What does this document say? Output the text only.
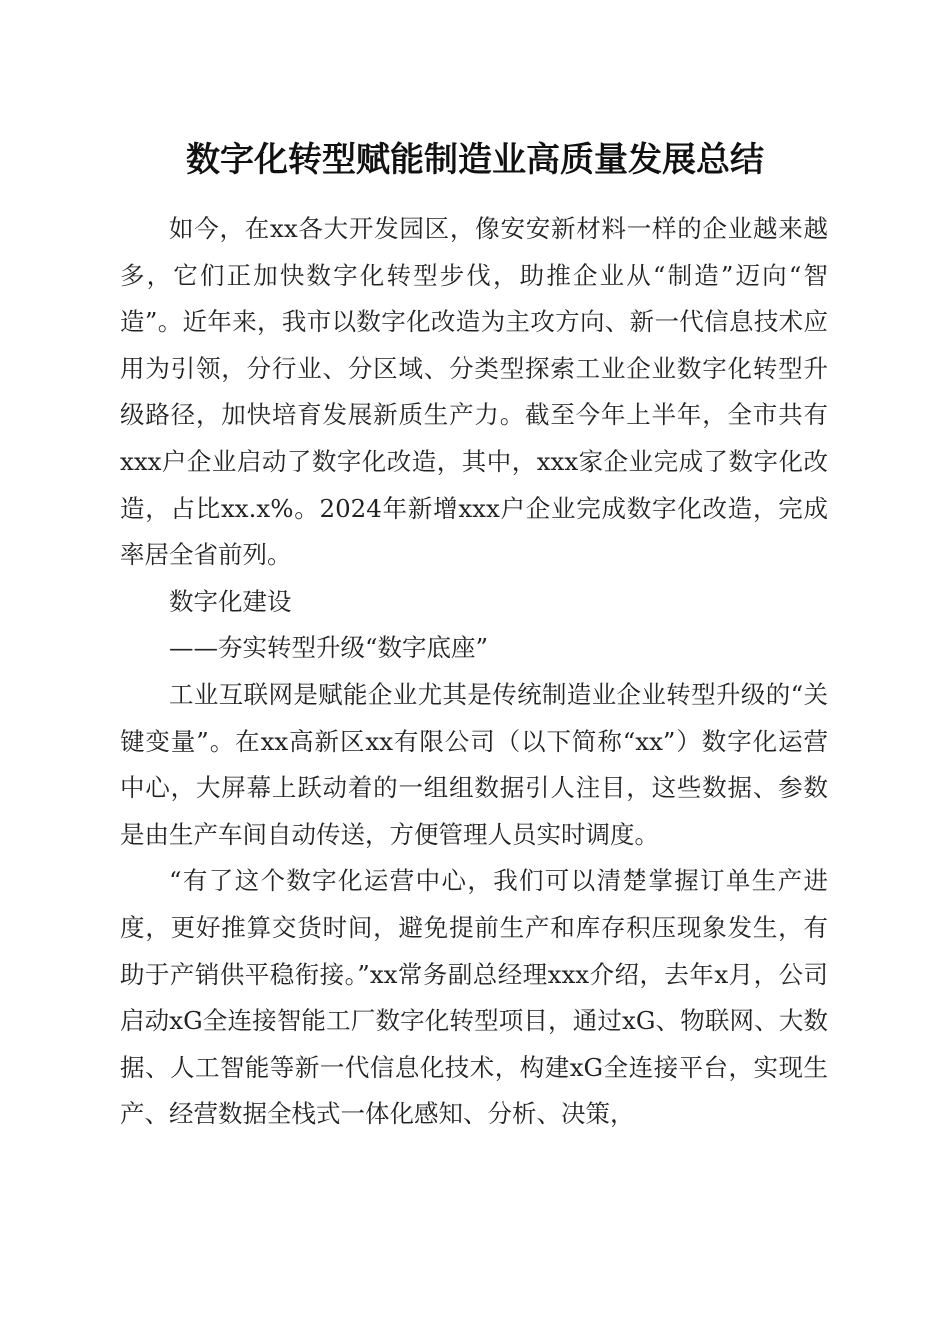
数字化转型赋能制造业高质量发展总结

如今，在xx各大开发园区，像安安新材料一样的企业越来越多，它们正加快数字化转型步伐，助推企业从“制造”迈向“智造”。近年来，我市以数字化改造为主攻方向、新一代信息技术应用为引领，分行业、分区域、分类型探索工业企业数字化转型升级路径，加快培育发展新质生产力。截至今年上半年，全市共有xxx户企业启动了数字化改造，其中，xxx家企业完成了数字化改造，占比xx.x%。2024年新增xxx户企业完成数字化改造，完成率居全省前列。

数字化建设

——夯实转型升级“数字底座”

工业互联网是赋能企业尤其是传统制造业企业转型升级的“关键变量”。在xx高新区xx有限公司（以下简称“xx”）数字化运营中心，大屏幕上跃动着的一组组数据引人注目，这些数据、参数是由生产车间自动传送，方便管理人员实时调度。

“有了这个数字化运营中心，我们可以清楚掌握订单生产进度，更好推算交货时间，避免提前生产和库存积压现象发生，有助于产销供平稳衔接。”xx常务副总经理xxx介绍，去年x月，公司启动xG全连接智能工厂数字化转型项目，通过xG、物联网、大数据、人工智能等新一代信息化技术，构建xG全连接平台，实现生产、经营数据全栈式一体化感知、分析、决策，
